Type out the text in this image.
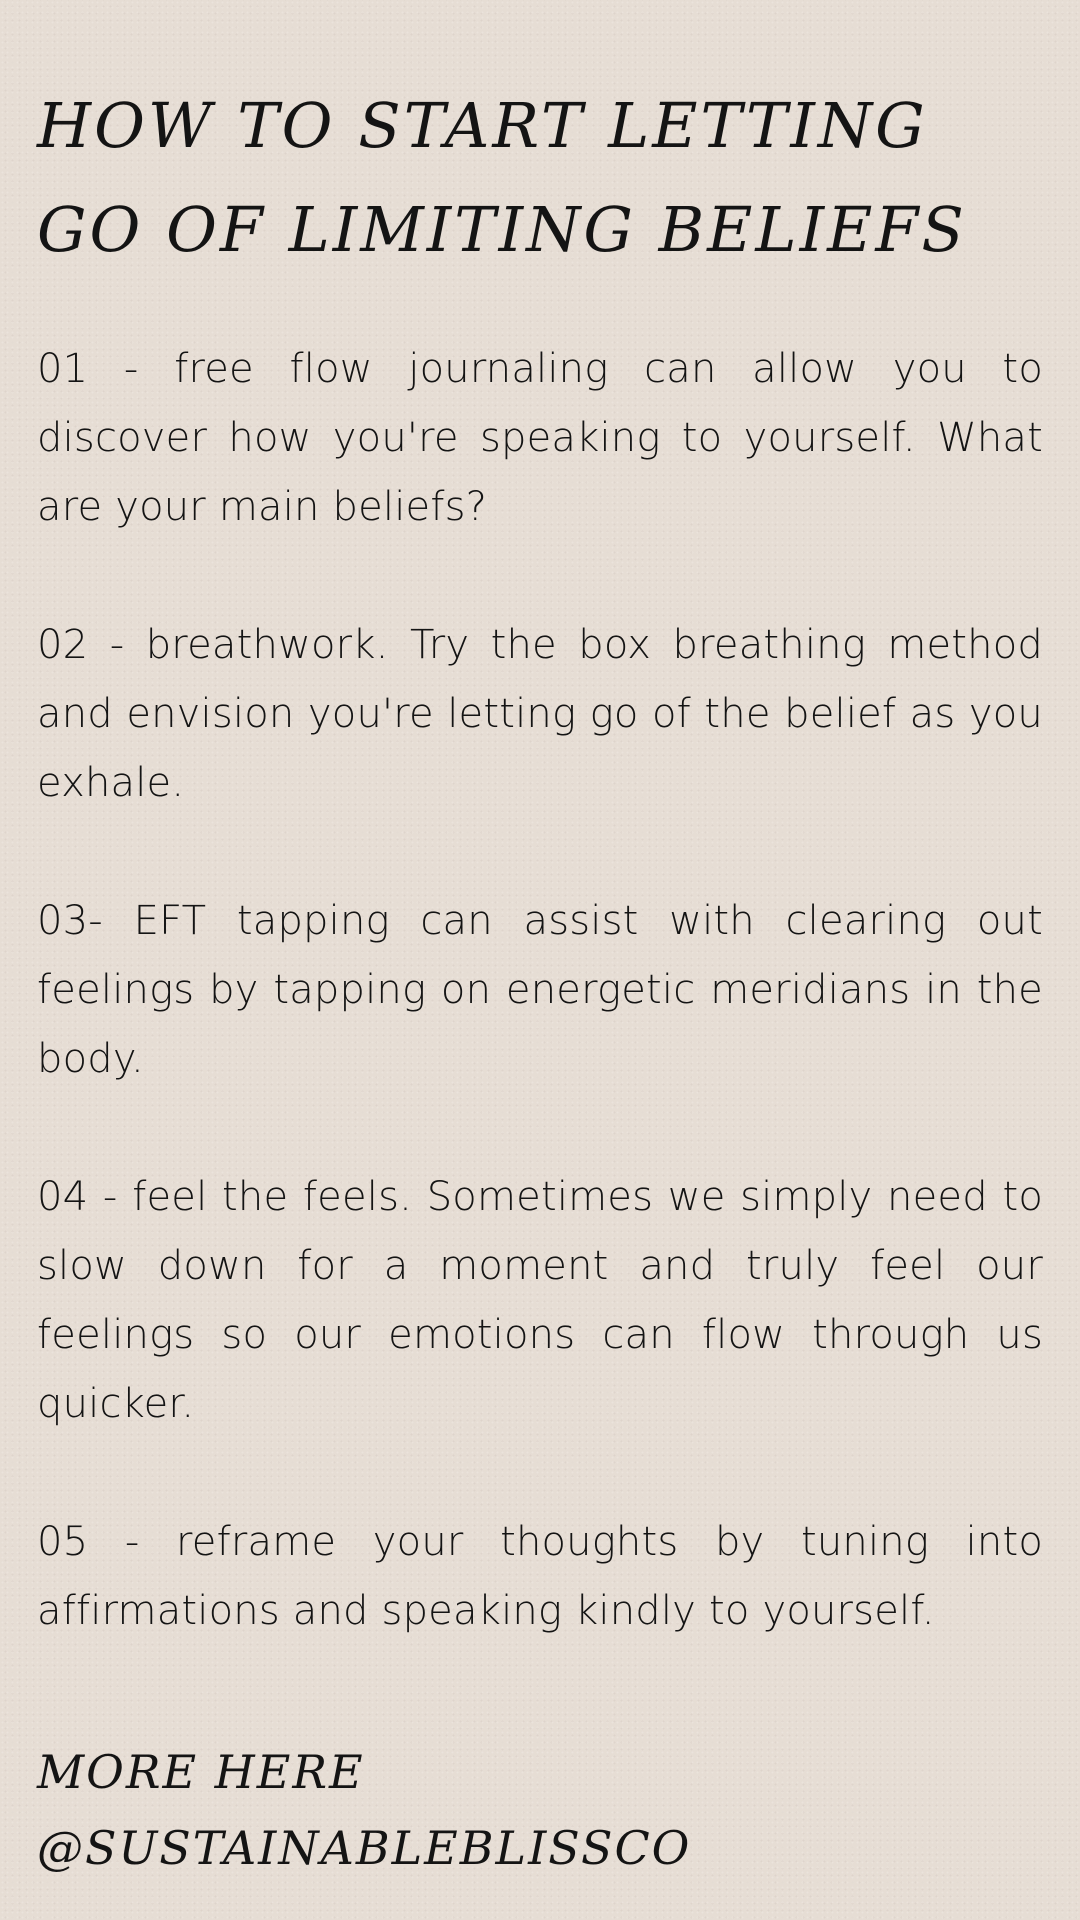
HOW TO START LETTING
GO OF LIMITING BELIEFS

01 - free flow journaling can allow you to discover how you're speaking to yourself. What are your main beliefs?

02 - breathwork. Try the box breathing method and envision you're letting go of the belief as you exhale.

03- EFT tapping can assist with clearing out feelings by tapping on energetic meridians in the body.

04 - feel the feels. Sometimes we simply need to slow down for a moment and truly feel our feelings so our emotions can flow through us quicker.

05 - reframe your thoughts by tuning into affirmations and speaking kindly to yourself.

MORE HERE
@SUSTAINABLEBLISSCO
